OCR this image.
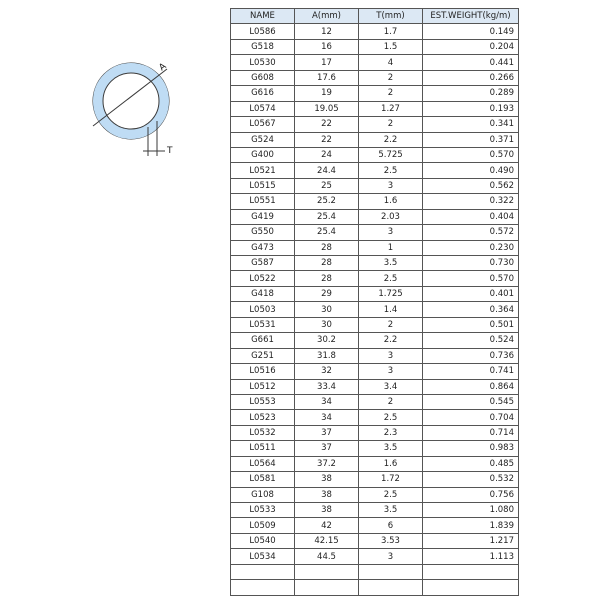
A
T
NAME	A(mm)	T(mm)	EST.WEIGHT(kg/m)
L0586	12	1.7	0.149
G518	16	1.5	0.204
L0530	17	4	0.441
G608	17.6	2	0.266
G616	19	2	0.289
L0574	19.05	1.27	0.193
L0567	22	2	0.341
G524	22	2.2	0.371
G400	24	5.725	0.570
L0521	24.4	2.5	0.490
L0515	25	3	0.562
L0551	25.2	1.6	0.322
G419	25.4	2.03	0.404
G550	25.4	3	0.572
G473	28	1	0.230
G587	28	3.5	0.730
L0522	28	2.5	0.570
G418	29	1.725	0.401
L0503	30	1.4	0.364
L0531	30	2	0.501
G661	30.2	2.2	0.524
G251	31.8	3	0.736
L0516	32	3	0.741
L0512	33.4	3.4	0.864
L0553	34	2	0.545
L0523	34	2.5	0.704
L0532	37	2.3	0.714
L0511	37	3.5	0.983
L0564	37.2	1.6	0.485
L0581	38	1.72	0.532
G108	38	2.5	0.756
L0533	38	3.5	1.080
L0509	42	6	1.839
L0540	42.15	3.53	1.217
L0534	44.5	3	1.113
